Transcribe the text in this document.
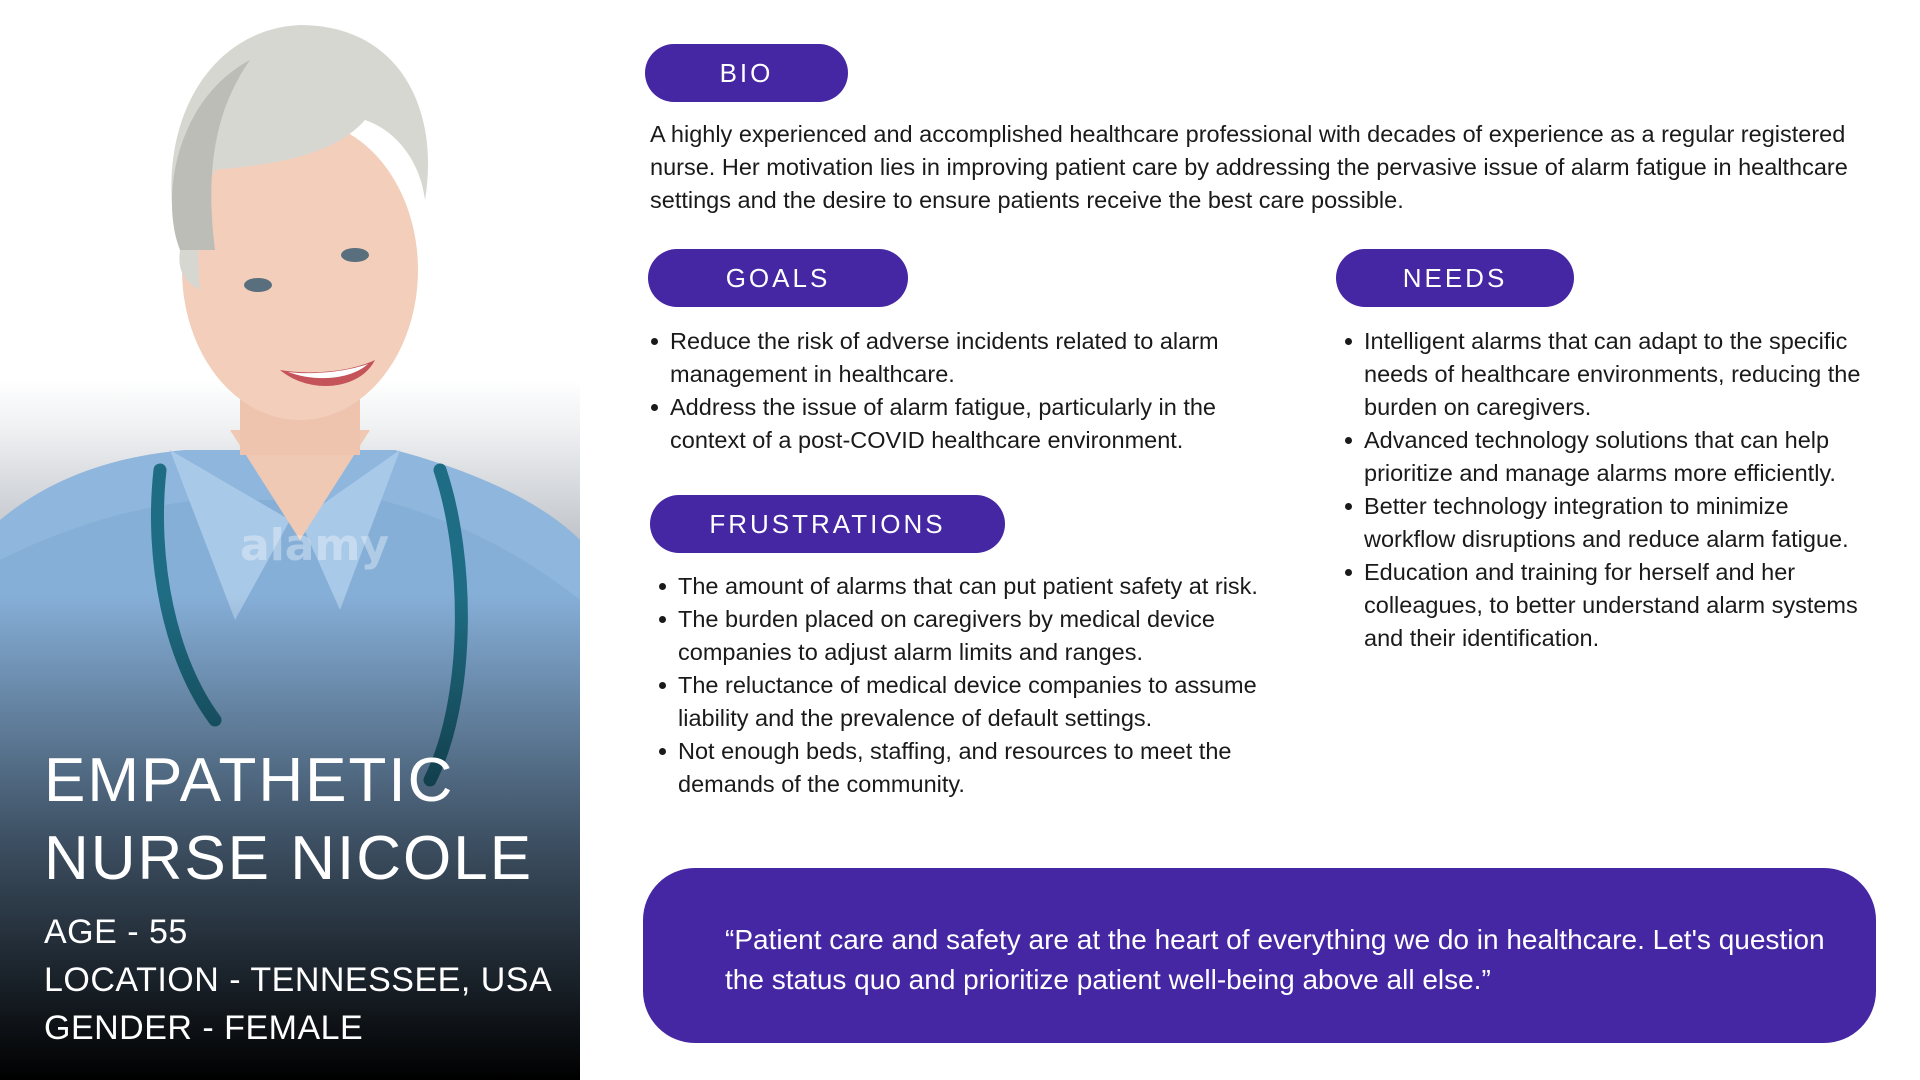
alamy
EMPATHETIC
NURSE NICOLE
AGE - 55
LOCATION - TENNESSEE, USA
GENDER - FEMALE
BIO
A highly experienced and accomplished healthcare professional with decades of experience as a regular registered nurse. Her motivation lies in improving patient care by addressing the pervasive issue of alarm fatigue in healthcare settings and the desire to ensure patients receive the best care possible.
GOALS
Reduce the risk of adverse incidents related to alarm management in healthcare.
Address the issue of alarm fatigue, particularly in the context of a post-COVID healthcare environment.
NEEDS
Intelligent alarms that can adapt to the specific needs of healthcare environments, reducing the burden on caregivers.
Advanced technology solutions that can help prioritize and manage alarms more efficiently.
Better technology integration to minimize workflow disruptions and reduce alarm fatigue.
Education and training for herself and her colleagues, to better understand alarm systems and their identification.
FRUSTRATIONS
The amount of alarms that can put patient safety at risk.
The burden placed on caregivers by medical device companies to adjust alarm limits and ranges.
The reluctance of medical device companies to assume liability and the prevalence of default settings.
Not enough beds, staffing, and resources to meet the demands of the community.
“Patient care and safety are at the heart of everything we do in healthcare. Let's question the status quo and prioritize patient well-being above all else.”
